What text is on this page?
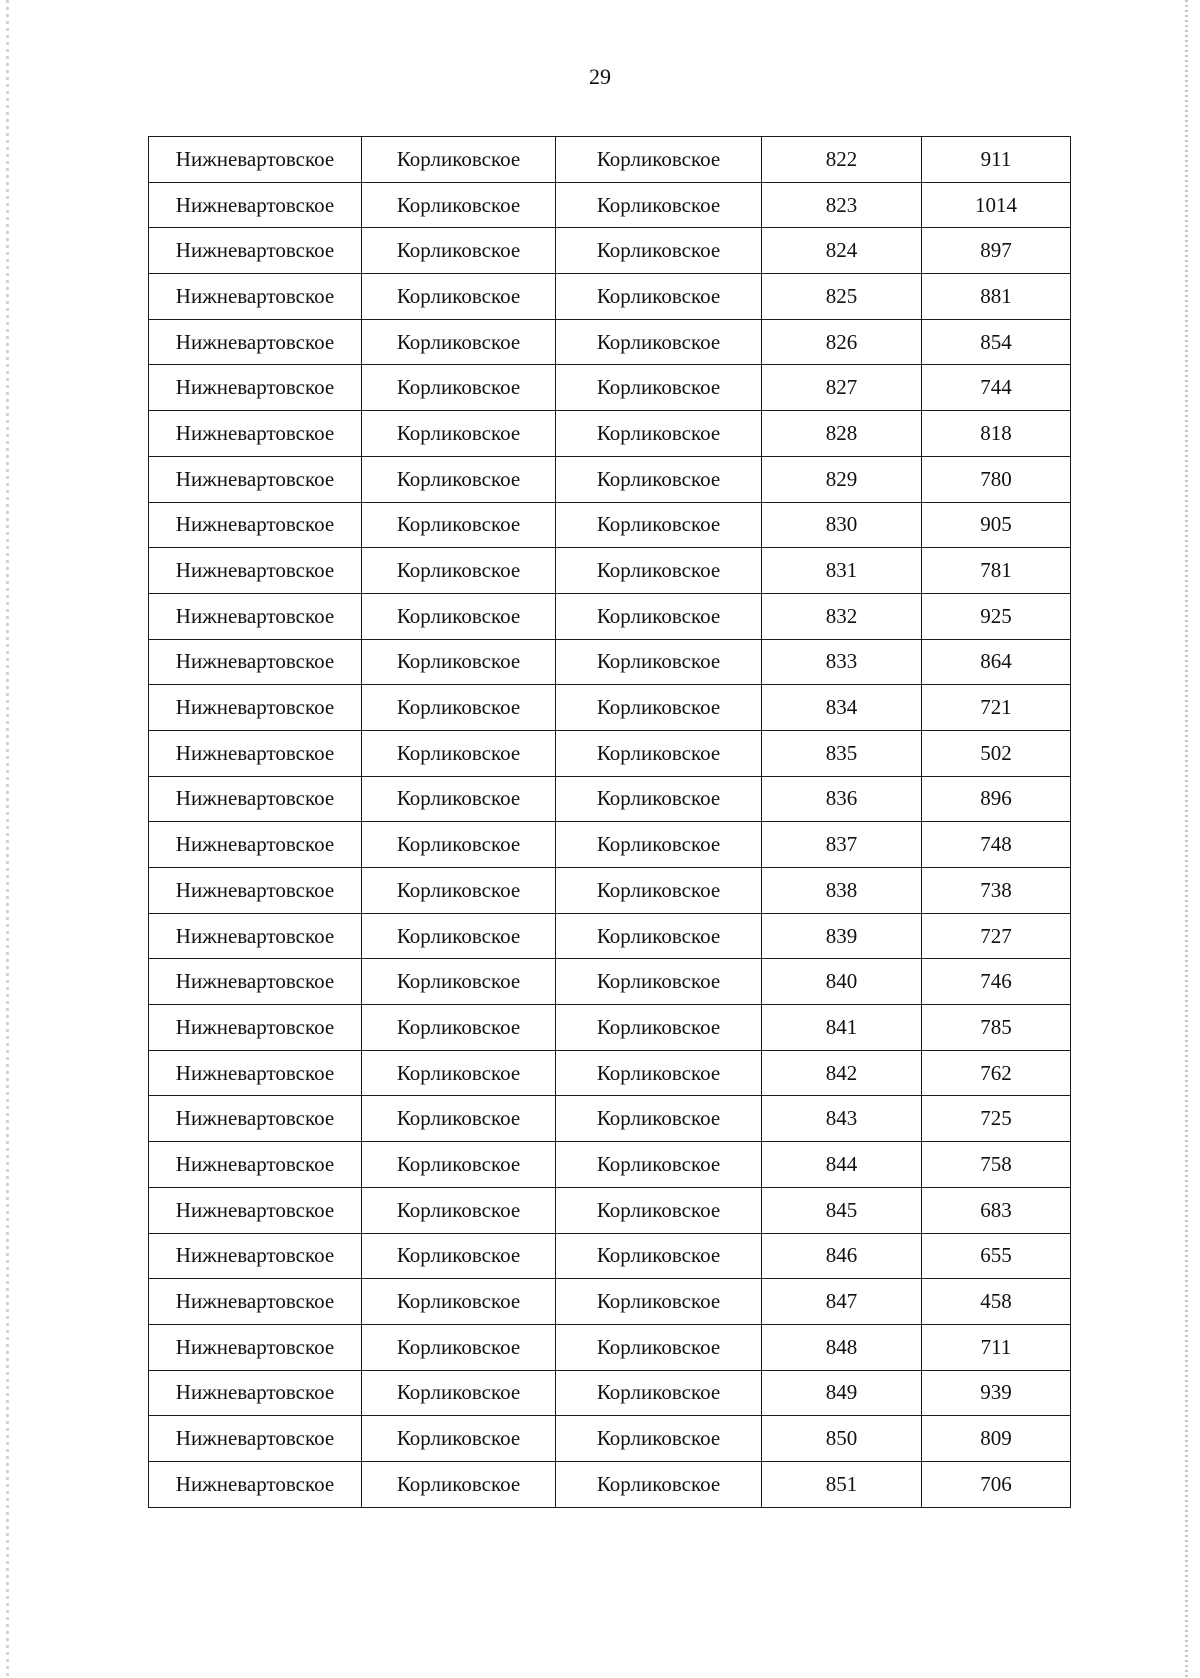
29
Нижневартовское	Корликовское	Корликовское	822	911
Нижневартовское	Корликовское	Корликовское	823	1014
Нижневартовское	Корликовское	Корликовское	824	897
Нижневартовское	Корликовское	Корликовское	825	881
Нижневартовское	Корликовское	Корликовское	826	854
Нижневартовское	Корликовское	Корликовское	827	744
Нижневартовское	Корликовское	Корликовское	828	818
Нижневартовское	Корликовское	Корликовское	829	780
Нижневартовское	Корликовское	Корликовское	830	905
Нижневартовское	Корликовское	Корликовское	831	781
Нижневартовское	Корликовское	Корликовское	832	925
Нижневартовское	Корликовское	Корликовское	833	864
Нижневартовское	Корликовское	Корликовское	834	721
Нижневартовское	Корликовское	Корликовское	835	502
Нижневартовское	Корликовское	Корликовское	836	896
Нижневартовское	Корликовское	Корликовское	837	748
Нижневартовское	Корликовское	Корликовское	838	738
Нижневартовское	Корликовское	Корликовское	839	727
Нижневартовское	Корликовское	Корликовское	840	746
Нижневартовское	Корликовское	Корликовское	841	785
Нижневартовское	Корликовское	Корликовское	842	762
Нижневартовское	Корликовское	Корликовское	843	725
Нижневартовское	Корликовское	Корликовское	844	758
Нижневартовское	Корликовское	Корликовское	845	683
Нижневартовское	Корликовское	Корликовское	846	655
Нижневартовское	Корликовское	Корликовское	847	458
Нижневартовское	Корликовское	Корликовское	848	711
Нижневартовское	Корликовское	Корликовское	849	939
Нижневартовское	Корликовское	Корликовское	850	809
Нижневартовское	Корликовское	Корликовское	851	706
